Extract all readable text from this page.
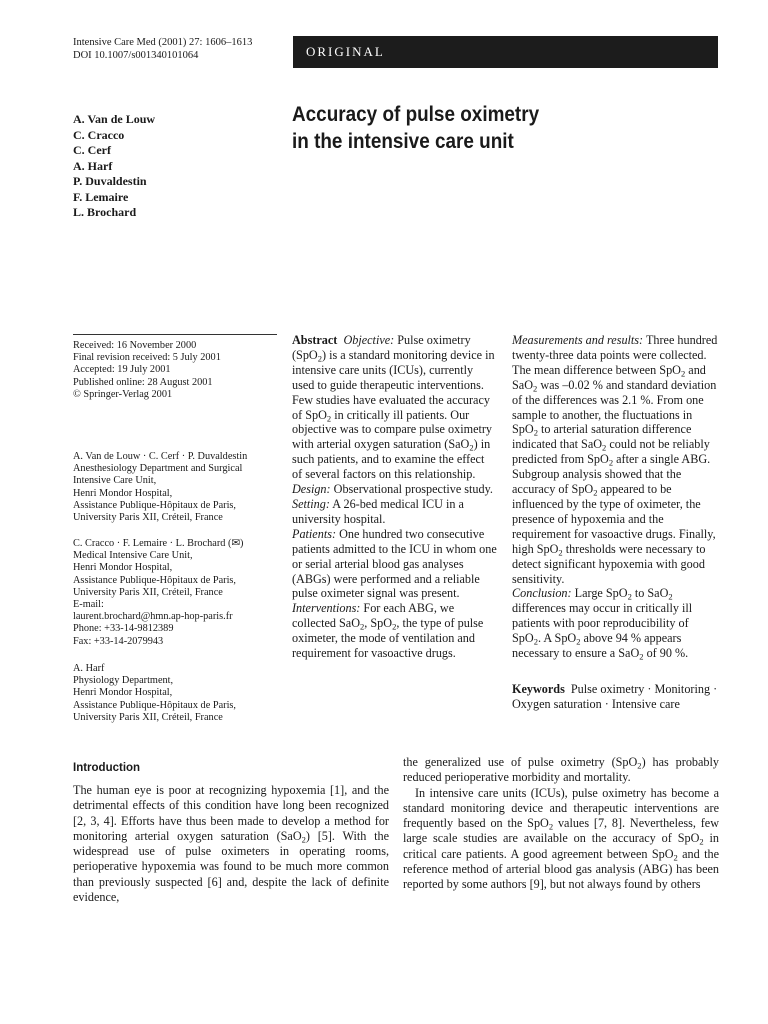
Intensive Care Med (2001) 27: 1606–1613
DOI 10.1007/s001340101064	ORIGINAL
A. Van de Louw
C. Cracco
C. Cerf
A. Harf
P. Duvaldestin
F. Lemaire
L. Brochard
Accuracy of pulse oximetry
in the intensive care unit
Received: 16 November 2000
Final revision received: 5 July 2001
Accepted: 19 July 2001
Published online: 28 August 2001
© Springer-Verlag 2001
A. Van de Louw · C. Cerf · P. Duvaldestin
Anesthesiology Department and Surgical
Intensive Care Unit,
Henri Mondor Hospital,
Assistance Publique-Hôpitaux de Paris,
University Paris XII, Créteil, France
C. Cracco · F. Lemaire · L. Brochard (✉)
Medical Intensive Care Unit,
Henri Mondor Hospital,
Assistance Publique-Hôpitaux de Paris,
University Paris XII, Créteil, France
E-mail:
laurent.brochard@hmn.ap-hop-paris.fr
Phone: +33-14-9812389
Fax: +33-14-2079943
A. Harf
Physiology Department,
Henri Mondor Hospital,
Assistance Publique-Hôpitaux de Paris,
University Paris XII, Créteil, France

Abstract Objective: Pulse oximetry (SpO$_2$) is a standard monitoring device in intensive care units (ICUs), currently used to guide therapeutic interventions. Few studies have evaluated the accuracy of SpO$_2$ in critically ill patients. Our objective was to compare pulse oximetry with arterial oxygen saturation (SaO$_2$) in such patients, and to examine the effect of several factors on this relationship.

Design: Observational prospective study.

Setting: A 26-bed medical ICU in a university hospital.

Patients: One hundred two consecutive patients admitted to the ICU in whom one or serial arterial blood gas analyses (ABGs) were performed and a reliable pulse oximeter signal was present.

Interventions: For each ABG, we collected SaO$_2$, SpO$_2$, the type of pulse oximeter, the mode of ventilation and requirement for vasoactive drugs.

Measurements and results: Three hundred twenty-three data points were collected. The mean difference between SpO$_2$ and SaO$_2$ was –0.02 % and standard deviation of the differences was 2.1 %. From one sample to another, the fluctuations in SpO$_2$ to arterial saturation difference indicated that SaO$_2$ could not be reliably predicted from SpO$_2$ after a single ABG. Subgroup analysis showed that the accuracy of SpO$_2$ appeared to be influenced by the type of oximeter, the presence of hypoxemia and the requirement for vasoactive drugs. Finally, high SpO$_2$ thresholds were necessary to detect significant hypoxemia with good sensitivity.

Conclusion: Large SpO$_2$ to SaO$_2$ differences may occur in critically ill patients with poor reproducibility of SpO$_2$. A SpO$_2$ above 94 % appears necessary to ensure a SaO$_2$ of 90 %.

Keywords Pulse oximetry · Monitoring · Oxygen saturation · Intensive care
Introduction

The human eye is poor at recognizing hypoxemia [1], and the detrimental effects of this condition have long been recognized [2, 3, 4]. Efforts have thus been made to develop a method for monitoring arterial oxygen saturation (SaO$_2$) [5]. With the widespread use of pulse oximeters in operating rooms, perioperative hypoxemia was found to be much more common than previously suspected [6] and, despite the lack of definite evidence,

the generalized use of pulse oximetry (SpO$_2$) has probably reduced perioperative morbidity and mortality.

In intensive care units (ICUs), pulse oximetry has become a standard monitoring device and therapeutic interventions are frequently based on the SpO$_2$ values [7, 8]. Nevertheless, few large scale studies are available on the accuracy of SpO$_2$ in critical care patients. A good agreement between SpO$_2$ and the reference method of arterial blood gas analysis (ABG) has been reported by some authors [9], but not always found by others
